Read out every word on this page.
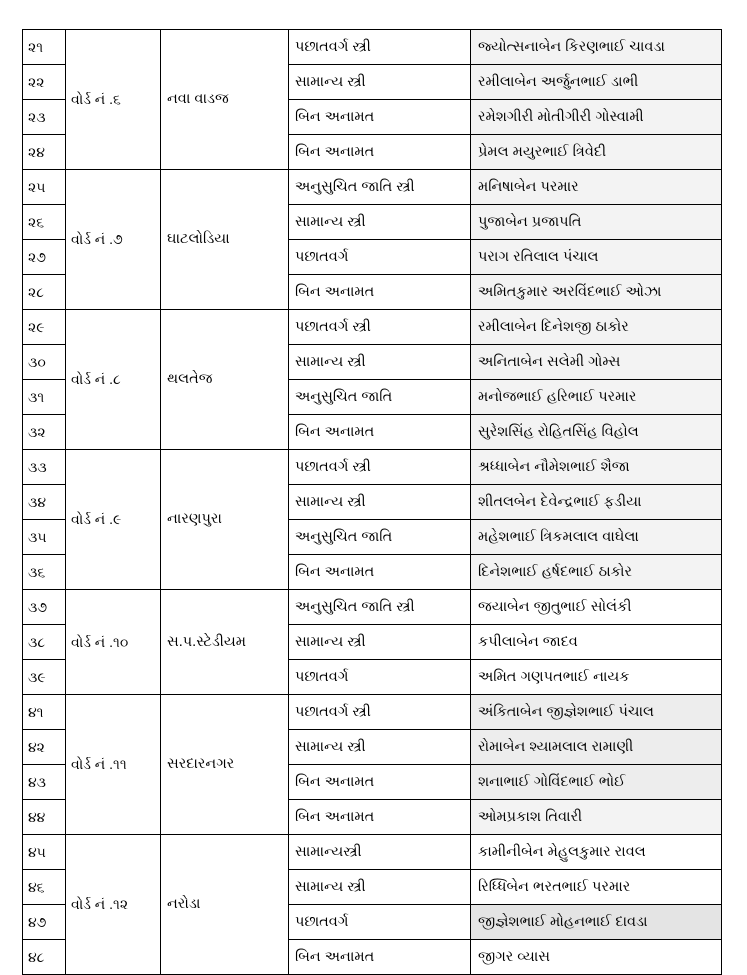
૨૧	વોર્ડ નં .૬	નવા વાડજ	પછાતવર્ગ સ્ત્રી	જ્યોત્સનાબેન કિરણભાઈ ચાવડા
૨૨			સામાન્ય સ્ત્રી	રમીલાબેન અર્જુનભાઈ ડાભી
૨૩			બિન અનામત	રમેશગીરી મોતીગીરી ગોસ્વામી
૨૪			બિન અનામત	પ્રેમલ મયુરભાઈ ત્રિવેદી
૨૫	વોર્ડ નં .૭	ઘાટલોડિયા	અનુસુચિત જાતિ સ્ત્રી	મનિષાબેન પરમાર
૨૬			સામાન્ય સ્ત્રી	પુજાબેન પ્રજાપતિ
૨૭			પછાતવર્ગ	પરાગ રતિલાલ પંચાલ
૨૮			બિન અનામત	અમિતકુમાર અરવિંદભાઈ ઓઝા
૨૯	વોર્ડ નં .૮	થલતેજ	પછાતવર્ગ સ્ત્રી	રમીલાબેન દિનેશજી ઠાકોર
૩૦			સામાન્ય સ્ત્રી	અનિતાબેન સલેમી ગોમ્સ
૩૧			અનુસુચિત જાતિ	મનોજભાઈ હરિભાઈ પરમાર
૩૨			બિન અનામત	સુરેશસિંહ રોહિતસિંહ વિહોલ
૩૩	વોર્ડ નં .૯	નારણપુરા	પછાતવર્ગ સ્ત્રી	શ્રધ્ધાબેન નૌમેશભાઈ શૈજા
૩૪			સામાન્ય સ્ત્રી	શીતલબેન દેવેન્દ્રભાઈ ફડીયા
૩૫			અનુસુચિત જાતિ	મહેશભાઈ ત્રિકમલાલ વાઘેલા
૩૬			બિન અનામત	દિનેશભાઈ હર્ષદભાઈ ઠાકોર
૩૭	વોર્ડ નં .૧૦	સ.પ.સ્ટેડીયમ	અનુસુચિત જાતિ સ્ત્રી	જયાબેન જીતુભાઈ સોલંકી
૩૮			સામાન્ય સ્ત્રી	કપીલાબેન જાદવ
૩૯			પછાતવર્ગ	અમિત ગણપતભાઈ નાયક
૪૧	વોર્ડ નં .૧૧	સરદારનગર	પછાતવર્ગ સ્ત્રી	અંકિતાબેન જીજ્ઞેશભાઈ પંચાલ
૪૨			સામાન્ય સ્ત્રી	રોમાબેન શ્યામલાલ રામાણી
૪૩			બિન અનામત	શનાભાઈ ગોવિંદભાઈ ભોઈ
૪૪			બિન અનામત	ઓમપ્રકાશ તિવારી
૪૫	વોર્ડ નં .૧૨	નરોડા	સામાન્યસ્ત્રી	કામીનીબેન મેહુલકુમાર રાવલ
૪૬			સામાન્ય સ્ત્રી	રિધ્ધિબેન ભરતભાઈ પરમાર
૪૭			પછાતવર્ગ	જીજ્ઞેશભાઈ મોહનભાઈ દાવડા
૪૮			બિન અનામત	જીગર વ્યાસ
